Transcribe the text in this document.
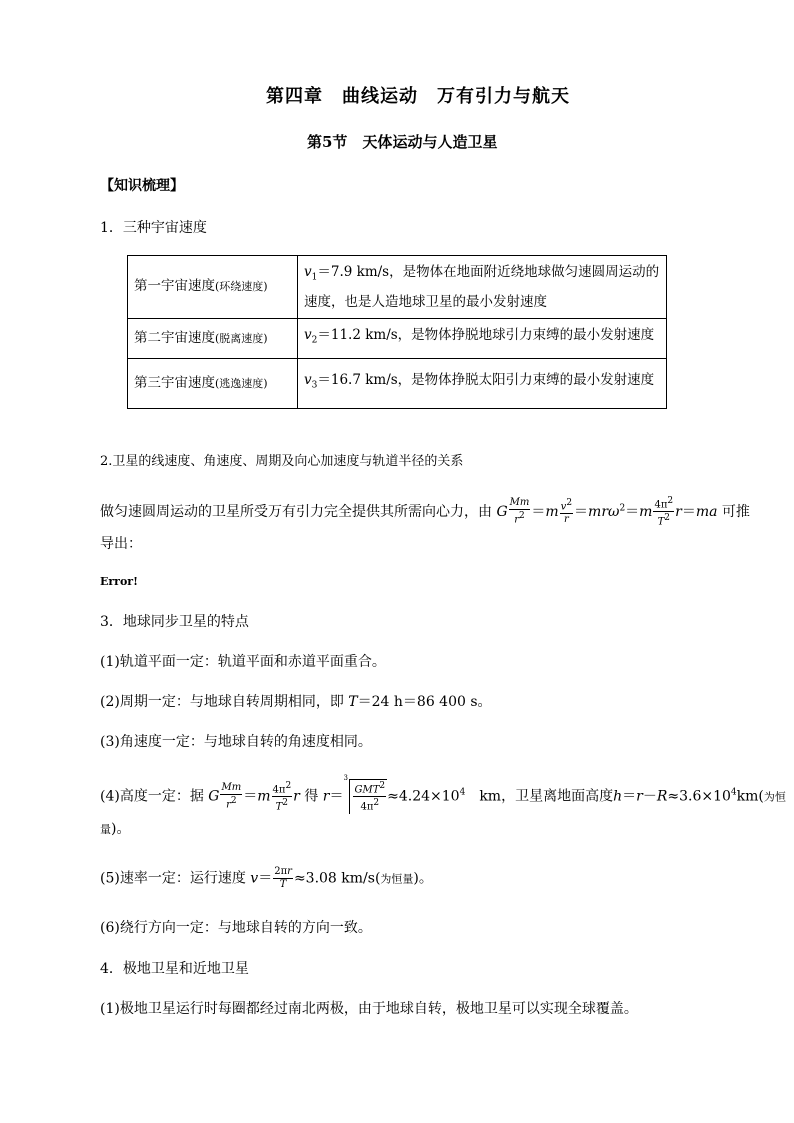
第四章　曲线运动　万有引力与航天
第5节　天体运动与人造卫星
【知识梳理】
1．三种宇宙速度
第一宇宙速度(环绕速度)	$v_1=7.9$ km/s，是物体在地面附近绕地球做匀速圆周运动的速度，也是人造地球卫星的最小发射速度
第二宇宙速度(脱离速度)	$v_2=11.2$ km/s，是物体挣脱地球引力束缚的最小发射速度
第三宇宙速度(逃逸速度)	$v_3=16.7$ km/s，是物体挣脱太阳引力束缚的最小发射速度
2.卫星的线速度、角速度、周期及向心加速度与轨道半径的关系
做匀速圆周运动的卫星所受万有引力完全提供其所需向心力，由 G $\frac{Mm}{r^2} =m \frac{v^2}{r} =mr\omega^2=m \frac{4\pi^2}{T^2} r=ma$ 可推
导出：
Error!
3．地球同步卫星的特点
(1)轨道平面一定：轨道平面和赤道平面重合。
(2)周期一定：与地球自转周期相同，即 T＝24 h＝86 400 s。
(3)角速度一定：与地球自转的角速度相同。
(4)高度一定：据 G $\frac{Mm}{r^2} =m \frac{4\pi^2}{T^2}$ r 得 r＝
3
$\frac{GMT^2}{4\pi^2} \approx 4.24\times 10^4$　 km，卫星离地面高度$h=r-R\approx 3.6\times 10^4km$(为恒
量)。
(5)速率一定：运行速度 $v= \frac{2\pi r}{T} \approx 3.08$ km/s(为恒量)。
(6)绕行方向一定：与地球自转的方向一致。
4．极地卫星和近地卫星
(1)极地卫星运行时每圈都经过南北两极，由于地球自转，极地卫星可以实现全球覆盖。
